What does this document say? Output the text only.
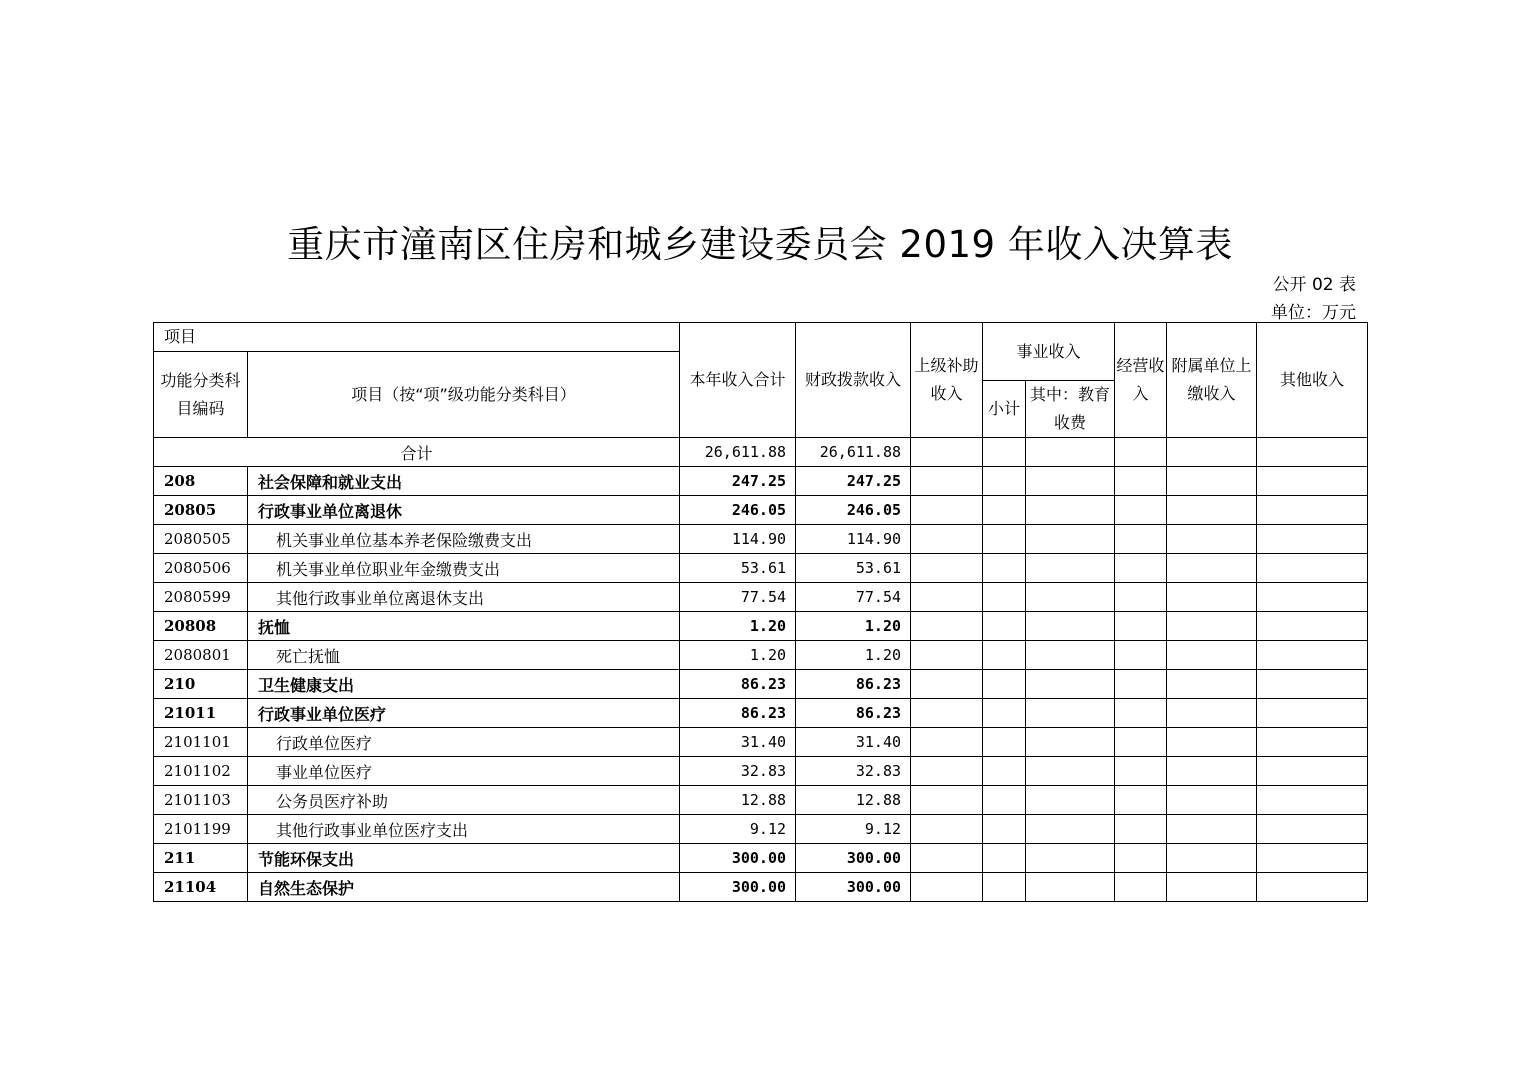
重庆市潼南区住房和城乡建设委员会 2019 年收入决算表
公开 02 表
单位：万元
项目		本年收入合计	财政拨款收入	上级补助收入	事业收入		经营收入	附属单位上缴收入	其他收入
功能分类科目编码	项目（按“项”级功能分类科目）								
					小计	其中：教育收费			
合计		26,611.88	26,611.88						
208	社会保障和就业支出	247.25	247.25						
20805	行政事业单位离退休	246.05	246.05						
2080505	机关事业单位基本养老保险缴费支出	114.90	114.90						
2080506	机关事业单位职业年金缴费支出	53.61	53.61						
2080599	其他行政事业单位离退休支出	77.54	77.54						
20808	抚恤	1.20	1.20						
2080801	死亡抚恤	1.20	1.20						
210	卫生健康支出	86.23	86.23						
21011	行政事业单位医疗	86.23	86.23						
2101101	行政单位医疗	31.40	31.40						
2101102	事业单位医疗	32.83	32.83						
2101103	公务员医疗补助	12.88	12.88						
2101199	其他行政事业单位医疗支出	9.12	9.12						
211	节能环保支出	300.00	300.00						
21104	自然生态保护	300.00	300.00						
